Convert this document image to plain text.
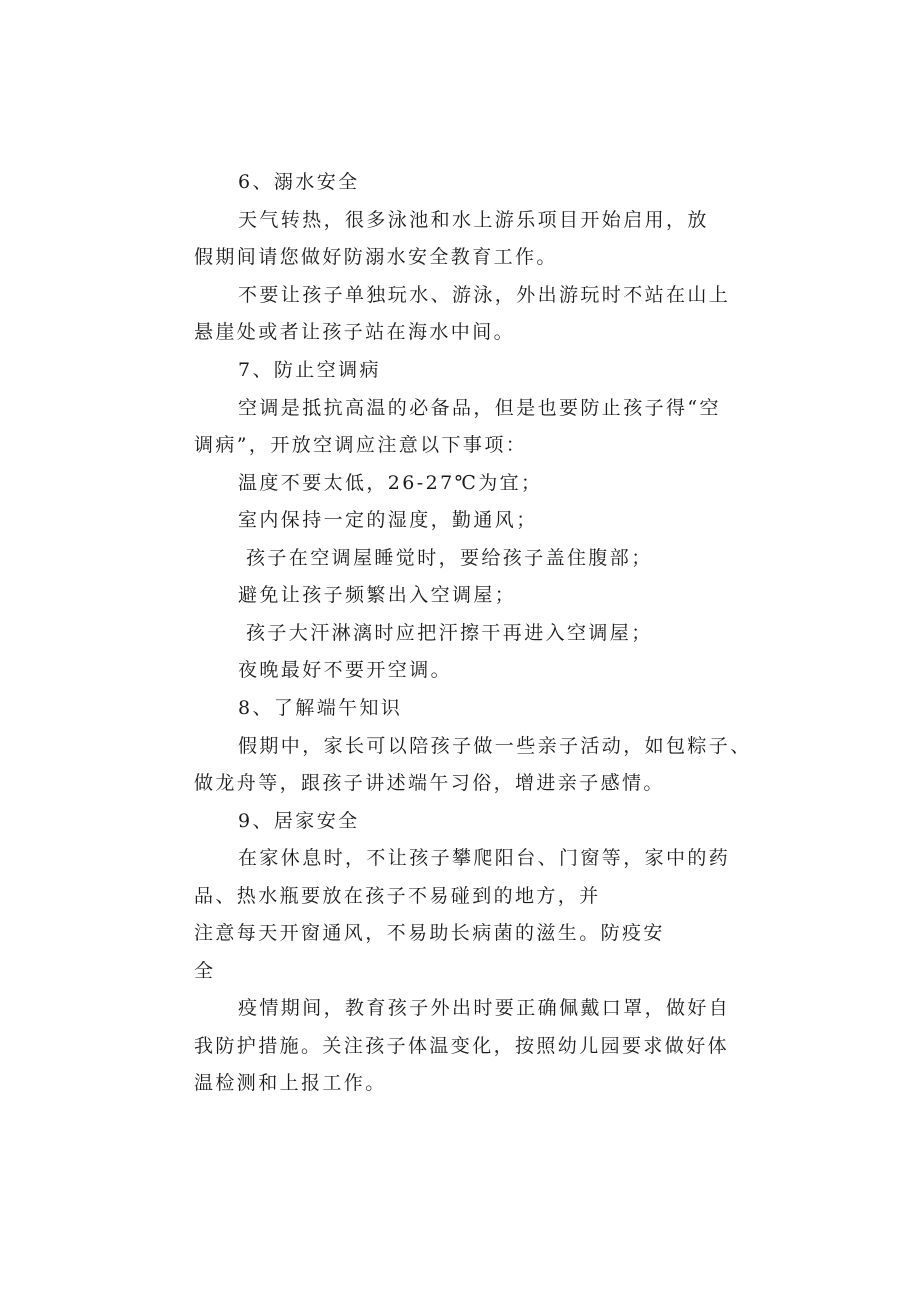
6、溺水安全
天气转热，很多泳池和水上游乐项目开始启用，放
假期间请您做好防溺水安全教育工作。
不要让孩子单独玩水、游泳，外出游玩时不站在山上
悬崖处或者让孩子站在海水中间。
7、防止空调病
空调是抵抗高温的必备品，但是也要防止孩子得“空
调病”，开放空调应注意以下事项：
温度不要太低，26-27℃为宜；
室内保持一定的湿度，勤通风；
孩子在空调屋睡觉时，要给孩子盖住腹部；
避免让孩子频繁出入空调屋；
孩子大汗淋漓时应把汗擦干再进入空调屋；
夜晚最好不要开空调。
8、了解端午知识
假期中，家长可以陪孩子做一些亲子活动，如包粽子、
做龙舟等，跟孩子讲述端午习俗，增进亲子感情。
9、居家安全
在家休息时，不让孩子攀爬阳台、门窗等，家中的药
品、热水瓶要放在孩子不易碰到的地方，并
注意每天开窗通风，不易助长病菌的滋生。防疫安
全
疫情期间，教育孩子外出时要正确佩戴口罩，做好自
我防护措施。关注孩子体温变化，按照幼儿园要求做好体
温检测和上报工作。
